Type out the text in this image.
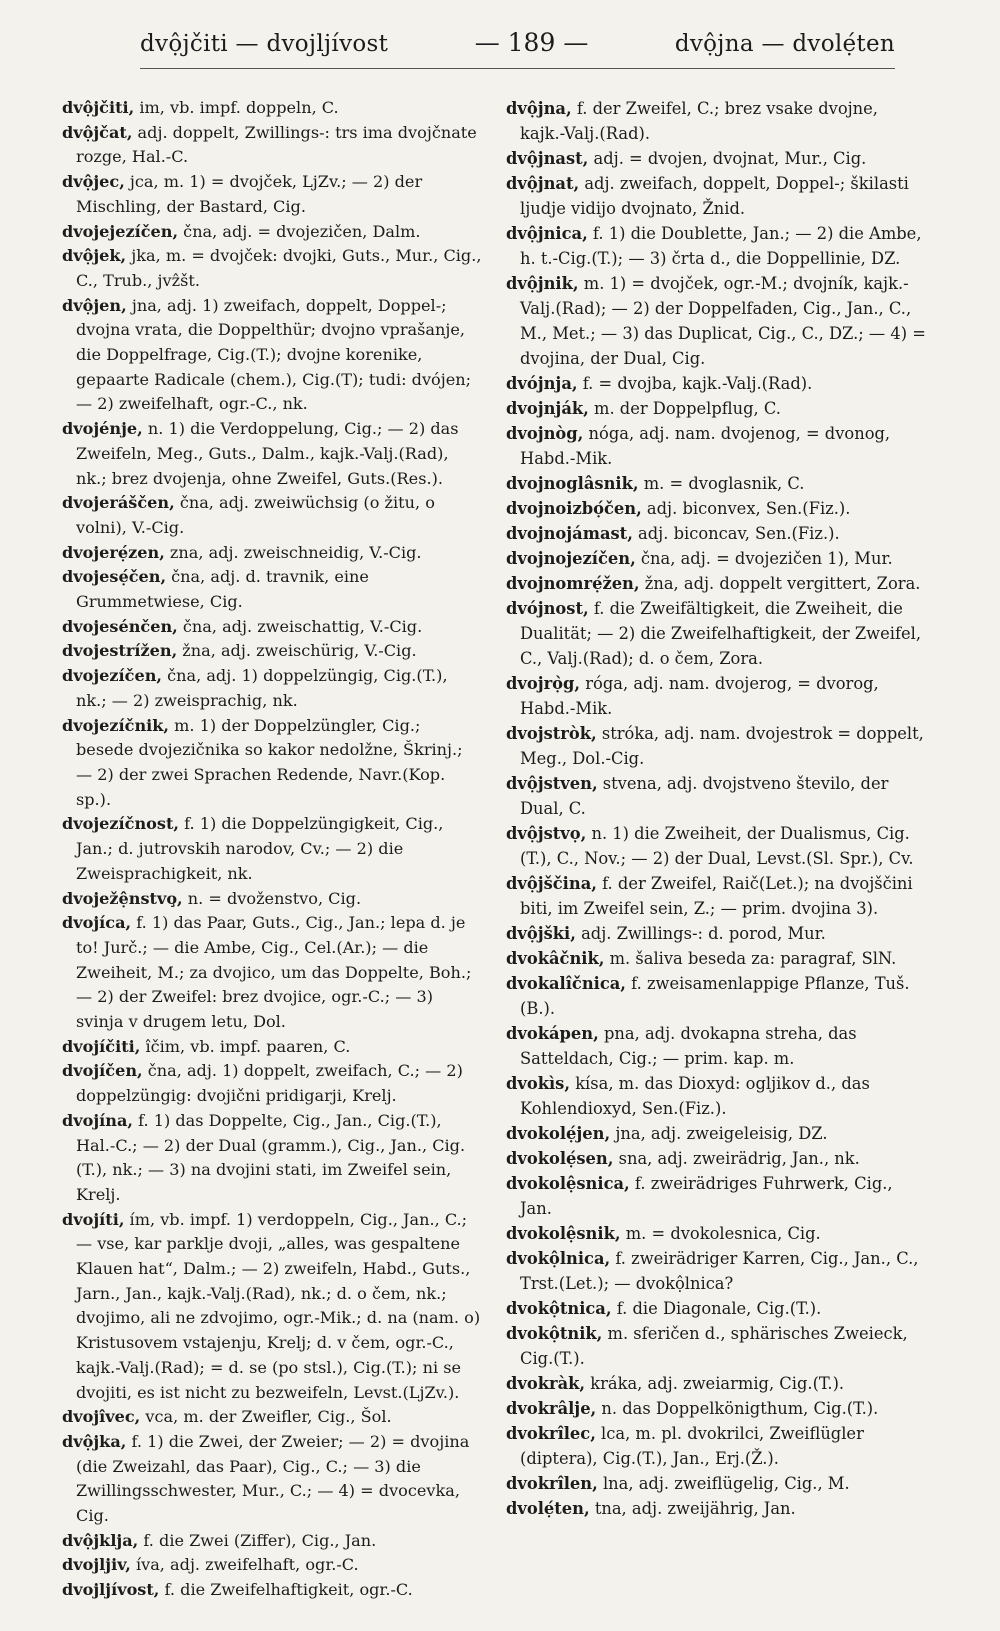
dvộjčiti — dvojljívost	— 189 —	dvộjna — dvolẹ́ten

dvộjčiti, im, vb. impf. doppeln, C.

dvộjčat, adj. doppelt, Zwillings-: trs ima dvojčnate rozge, Hal.-C.

dvộjec, jca, m. 1) = dvojček, LjZv.; — 2) der Mischling, der Bastard, Cig.

dvojejezíčen, čna, adj. = dvojezičen, Dalm.

dvộjek, jka, m. = dvojček: dvojki, Guts., Mur., Cig., C., Trub., jvẑšt.

dvộjen, jna, adj. 1) zweifach, doppelt, Doppel-; dvojna vrata, die Doppelthür; dvojno vprašanje, die Doppelfrage, Cig.(T.); dvojne korenike, gepaarte Radicale (chem.), Cig.(T); tudi: dvójen; — 2) zweifelhaft, ogr.-C., nk.

dvojénje, n. 1) die Verdoppelung, Cig.; — 2) das Zweifeln, Meg., Guts., Dalm., kajk.-Valj.(Rad), nk.; brez dvojenja, ohne Zweifel, Guts.(Res.).

dvojeráščen, čna, adj. zweiwüchsig (o žitu, o volni), V.-Cig.

dvojerẹ́zen, zna, adj. zweischneidig, V.-Cig.

dvojesẹ́čen, čna, adj. d. travnik, eine Grummetwiese, Cig.

dvojesénčen, čna, adj. zweischattig, V.-Cig.

dvojestrížen, žna, adj. zweischürig, V.-Cig.

dvojezíčen, čna, adj. 1) doppelzüngig, Cig.(T.), nk.; — 2) zweisprachig, nk.

dvojezíčnik, m. 1) der Doppelzüngler, Cig.; besede dvojezičnika so kakor nedolžne, Škrinj.; — 2) der zwei Sprachen Redende, Navr.(Kop. sp.).

dvojezíčnost, f. 1) die Doppelzüngigkeit, Cig., Jan.; d. jutrovskih narodov, Cv.; — 2) die Zweisprachigkeit, nk.

dvoježệnstvo̧, n. = dvoženstvo, Cig.

dvojíca, f. 1) das Paar, Guts., Cig., Jan.; lepa d. je to! Jurč.; — die Ambe, Cig., Cel.(Ar.); — die Zweiheit, M.; za dvojico, um das Doppelte, Boh.; — 2) der Zweifel: brez dvojice, ogr.-C.; — 3) svinja v drugem letu, Dol.

dvojíčiti, îčim, vb. impf. paaren, C.

dvojíčen, čna, adj. 1) doppelt, zweifach, C.; — 2) doppelzüngig: dvojični pridigarji, Krelj.

dvojína, f. 1) das Doppelte, Cig., Jan., Cig.(T.), Hal.-C.; — 2) der Dual (gramm.), Cig., Jan., Cig.(T.), nk.; — 3) na dvojini stati, im Zweifel sein, Krelj.

dvojíti, ím, vb. impf. 1) verdoppeln, Cig., Jan., C.; — vse, kar parklje dvoji, „alles, was gespaltene Klauen hat“, Dalm.; — 2) zweifeln, Habd., Guts., Jarn., Jan., kajk.-Valj.(Rad), nk.; d. o čem, nk.; dvojimo, ali ne zdvojimo, ogr.-Mik.; d. na (nam. o) Kristusovem vstajenju, Krelj; d. v čem, ogr.-C., kajk.-Valj.(Rad); = d. se (po stsl.), Cig.(T.); ni se dvojiti, es ist nicht zu bezweifeln, Levst.(LjZv.).

dvojîvec, vca, m. der Zweifler, Cig., Šol.

dvộjka, f. 1) die Zwei, der Zweier; — 2) = dvojina (die Zweizahl, das Paar), Cig., C.; — 3) die Zwillingsschwester, Mur., C.; — 4) = dvocevka, Cig.

dvộjklja, f. die Zwei (Ziffer), Cig., Jan.

dvojljiv, íva, adj. zweifelhaft, ogr.-C.

dvojljívost, f. die Zweifelhaftigkeit, ogr.-C.

dvộjna, f. der Zweifel, C.; brez vsake dvojne, kajk.-Valj.(Rad).

dvộjnast, adj. = dvojen, dvojnat, Mur., Cig.

dvộjnat, adj. zweifach, doppelt, Doppel-; škilasti ljudje vidijo dvojnato, Žnid.

dvộjnica, f. 1) die Doublette, Jan.; — 2) die Ambe, h. t.-Cig.(T.); — 3) črta d., die Doppellinie, DZ.

dvộjnik, m. 1) = dvojček, ogr.-M.; dvojník, kajk.-Valj.(Rad); — 2) der Doppelfaden, Cig., Jan., C., M., Met.; — 3) das Duplicat, Cig., C., DZ.; — 4) = dvojina, der Dual, Cig.

dvójnja, f. = dvojba, kajk.-Valj.(Rad).

dvojnják, m. der Doppelpflug, C.

dvojnòg, nóga, adj. nam. dvojenog, = dvonog, Habd.-Mik.

dvojnoglâsnik, m. = dvoglasnik, C.

dvojnoizbọ́čen, adj. biconvex, Sen.(Fiz.).

dvojnojámast, adj. biconcav, Sen.(Fiz.).

dvojnojezíčen, čna, adj. = dvojezičen 1), Mur.

dvojnomrẹ́žen, žna, adj. doppelt vergittert, Zora.

dvójnost, f. die Zweifältigkeit, die Zweiheit, die Dualität; — 2) die Zweifelhaftigkeit, der Zweifel, C., Valj.(Rad); d. o čem, Zora.

dvojrọ̀g, róga, adj. nam. dvojerog, = dvorog, Habd.-Mik.

dvojstròk, stróka, adj. nam. dvojestrok = doppelt, Meg., Dol.-Cig.

dvộjstven, stvena, adj. dvojstveno število, der Dual, C.

dvộjstvọ, n. 1) die Zweiheit, der Dualismus, Cig.(T.), C., Nov.; — 2) der Dual, Levst.(Sl. Spr.), Cv.

dvộjščina, f. der Zweifel, Raič(Let.); na dvojščini biti, im Zweifel sein, Z.; — prim. dvojina 3).

dvộjški, adj. Zwillings-: d. porod, Mur.

dvokâčnik, m. šaliva beseda za: paragraf, SlN.

dvokalîčnica, f. zweisamenlappige Pflanze, Tuš.(B.).

dvokápen, pna, adj. dvokapna streha, das Satteldach, Cig.; — prim. kap. m.

dvokìs, kísa, m. das Dioxyd: ogljikov d., das Kohlendioxyd, Sen.(Fiz.).

dvokolẹ́jen, jna, adj. zweigeleisig, DZ.

dvokolẹ́sen, sna, adj. zweirädrig, Jan., nk.

dvokolệsnica, f. zweirädriges Fuhrwerk, Cig., Jan.

dvokolệsnik, m. = dvokolesnica, Cig.

dvokộlnica, f. zweirädriger Karren, Cig., Jan., C., Trst.(Let.); — dvokộlnica?

dvokộtnica, f. die Diagonale, Cig.(T.).

dvokộtnik, m. sferičen d., sphärisches Zweieck, Cig.(T.).

dvokràk, kráka, adj. zweiarmig, Cig.(T.).

dvokrâlje, n. das Doppelkönigthum, Cig.(T.).

dvokrîlec, lca, m. pl. dvokrilci, Zweiflügler (diptera), Cig.(T.), Jan., Erj.(Ž.).

dvokrîlen, lna, adj. zweiflügelig, Cig., M.

dvolẹ́ten, tna, adj. zweijährig, Jan.
